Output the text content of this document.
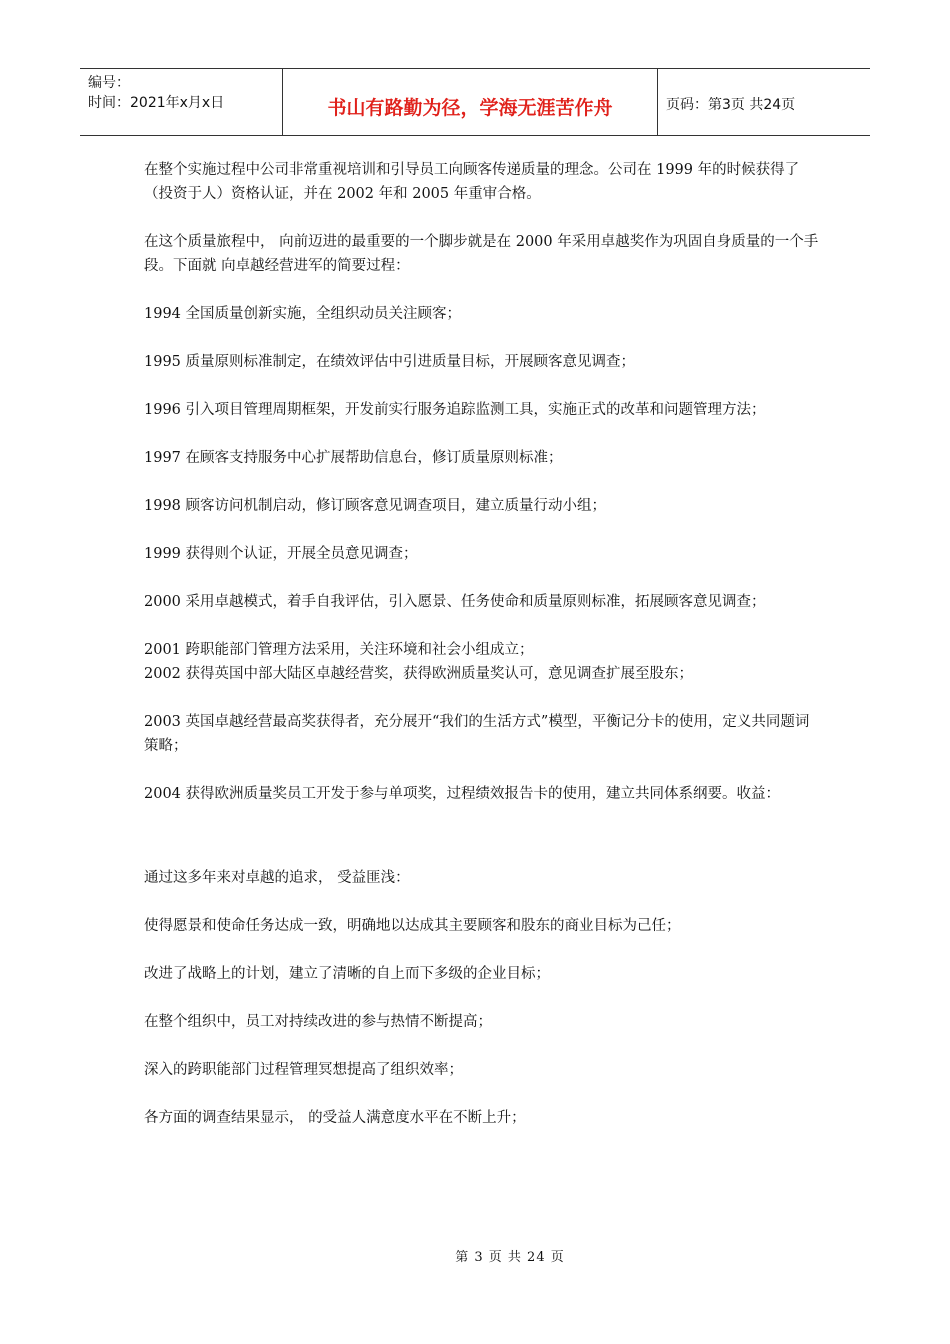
编号：
时间：2021年x月x日	书山有路勤为径，学海无涯苦作舟	页码：第3页 共24页

在整个实施过程中公司非常重视培训和引导员工向顾客传递质量的理念。公司在 1999 年的时候获得了（投资于人）资格认证，并在 2002 年和 2005 年重审合格。

在这个质量旅程中， 向前迈进的最重要的一个脚步就是在 2000 年采用卓越奖作为巩固自身质量的一个手段。下面就 向卓越经营进军的简要过程：

1994 全国质量创新实施，全组织动员关注顾客；

1995 质量原则标准制定，在绩效评估中引进质量目标，开展顾客意见调查；

1996 引入项目管理周期框架，开发前实行服务追踪监测工具，实施正式的改革和问题管理方法；

1997 在顾客支持服务中心扩展帮助信息台，修订质量原则标准；

1998 顾客访问机制启动，修订顾客意见调查项目，建立质量行动小组；

1999 获得则个认证，开展全员意见调查；

2000 采用卓越模式，着手自我评估，引入愿景、任务使命和质量原则标准，拓展顾客意见调查；

2001 跨职能部门管理方法采用，关注环境和社会小组成立；

2002 获得英国中部大陆区卓越经营奖，获得欧洲质量奖认可，意见调查扩展至股东；

2003 英国卓越经营最高奖获得者，充分展开“我们的生活方式”模型，平衡记分卡的使用，定义共同题词策略；

2004 获得欧洲质量奖员工开发于参与单项奖，过程绩效报告卡的使用，建立共同体系纲要。收益：

通过这多年来对卓越的追求， 受益匪浅：

使得愿景和使命任务达成一致，明确地以达成其主要顾客和股东的商业目标为己任；

改进了战略上的计划，建立了清晰的自上而下多级的企业目标；

在整个组织中，员工对持续改进的参与热情不断提高；

深入的跨职能部门过程管理冥想提高了组织效率；

各方面的调查结果显示， 的受益人满意度水平在不断上升；

第 3 页 共 24 页
